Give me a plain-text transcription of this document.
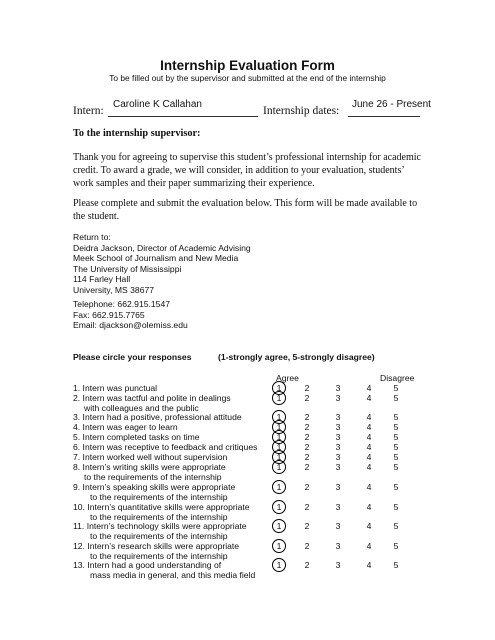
Internship Evaluation Form
To be filled out by the supervisor and submitted at the end of the internship
Intern:
Caroline K Callahan
Internship dates:
June 26 - Present
To the internship supervisor:
Thank you for agreeing to supervise this student’s professional internship for academic credit. To award a grade, we will consider, in addition to your evaluation, students’ work samples and their paper summarizing their experience.
Please complete and submit the evaluation below. This form will be made available to the student.
Return to:
Deidra Jackson, Director of Academic Advising
Meek School of Journalism and New Media
The University of Mississippi
114 Farley Hall
University, MS 38677
Telephone: 662.915.1547
Fax: 662.915.7765
Email: djackson@olemiss.edu
Please circle your responses	(1-strongly agree, 5-strongly disagree)
Agree	Disagree
1. Intern was punctual	1	2	3	4	5
2. Intern was tactful and polite in dealings
with colleagues and the public
1	2	3	4	5
3. Intern had a positive, professional attitude	1	2	3	4	5
4. Intern was eager to learn	1	2	3	4	5
5. Intern completed tasks on time	1	2	3	4	5
6. Intern was receptive to feedback and critiques	1	2	3	4	5
7. Intern worked well without supervision	1	2	3	4	5
8. Intern’s writing skills were appropriate
to the requirements of the internship
1	2	3	4	5
9. Intern’s speaking skills were appropriate
to the requirements of the internship
1	2	3	4	5
10. Intern’s quantitative skills were appropriate
to the requirements of the internship
1	2	3	4	5
11. Intern’s technology skills were appropriate
to the requirements of the internship
1	2	3	4	5
12. Intern’s research skills were appropriate
to the requirements of the internship
1	2	3	4	5
13. Intern had a good understanding of
mass media in general, and this media field
1	2	3	4	5
